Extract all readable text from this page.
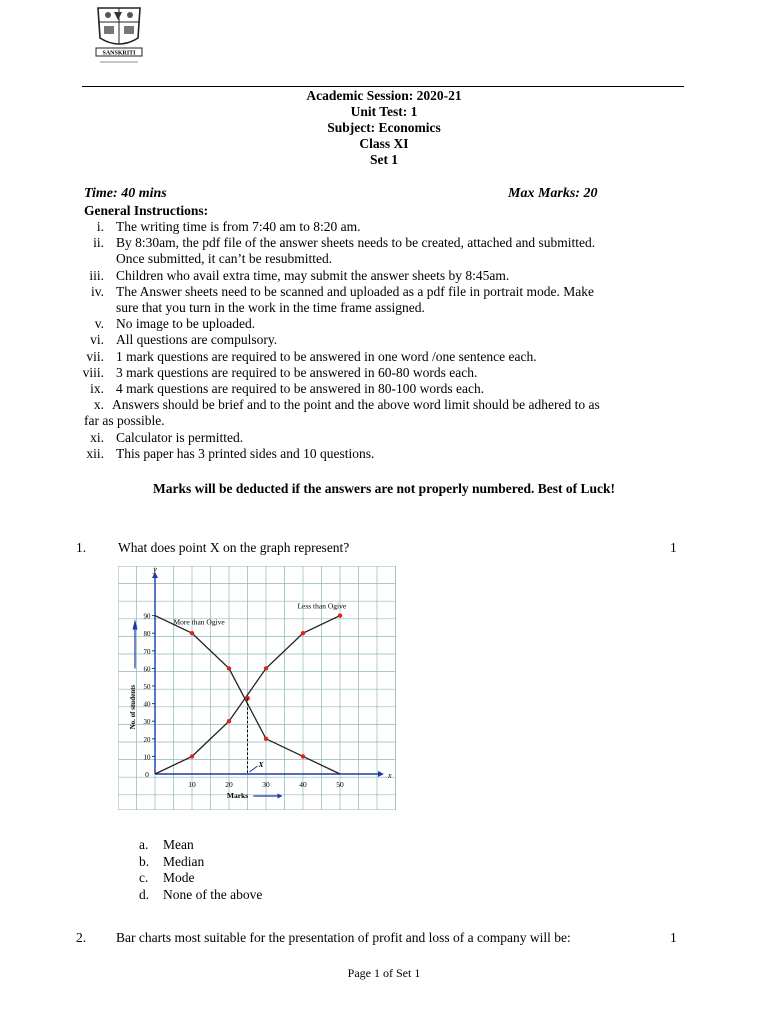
SANSKRITI
Academic Session: 2020-21
Unit Test: 1
Subject: Economics
Class XI
Set 1
Time: 40 mins	Max Marks: 20
General Instructions:
i. The writing time is from 7:40 am to 8:20 am.
ii. By 8:30am, the pdf file of the answer sheets needs to be created, attached and submitted.
Once submitted, it can’t be resubmitted.
iii. Children who avail extra time, may submit the answer sheets by 8:45am.
iv. The Answer sheets need to be scanned and uploaded as a pdf file in portrait mode. Make
sure that you turn in the work in the time frame assigned.
v. No image to be uploaded.
vi. All questions are compulsory.
vii. 1 mark questions are required to be answered in one word /one sentence each.
viii. 3 mark questions are required to be answered in 60-80 words each.
ix. 4 mark questions are required to be answered in 80-100 words each.
x. Answers should be brief and to the point and the above word limit should be adhered to as
far as possible.
xi. Calculator is permitted.
xii. This paper has 3 printed sides and 10 questions.
Marks will be deducted if the answers are not properly numbered. Best of Luck!
1. What does point X on the graph represent?	1
x
y
10	20	30	40	50
0
10
20
30
40
50
60
70
80
90
Marks
No. of students
More than Ogive
Less than Ogive
X
a. Mean
b. Median
c. Mode
d. None of the above
2. Bar charts most suitable for the presentation of profit and loss of a company will be:	1
Page 1 of Set 1
